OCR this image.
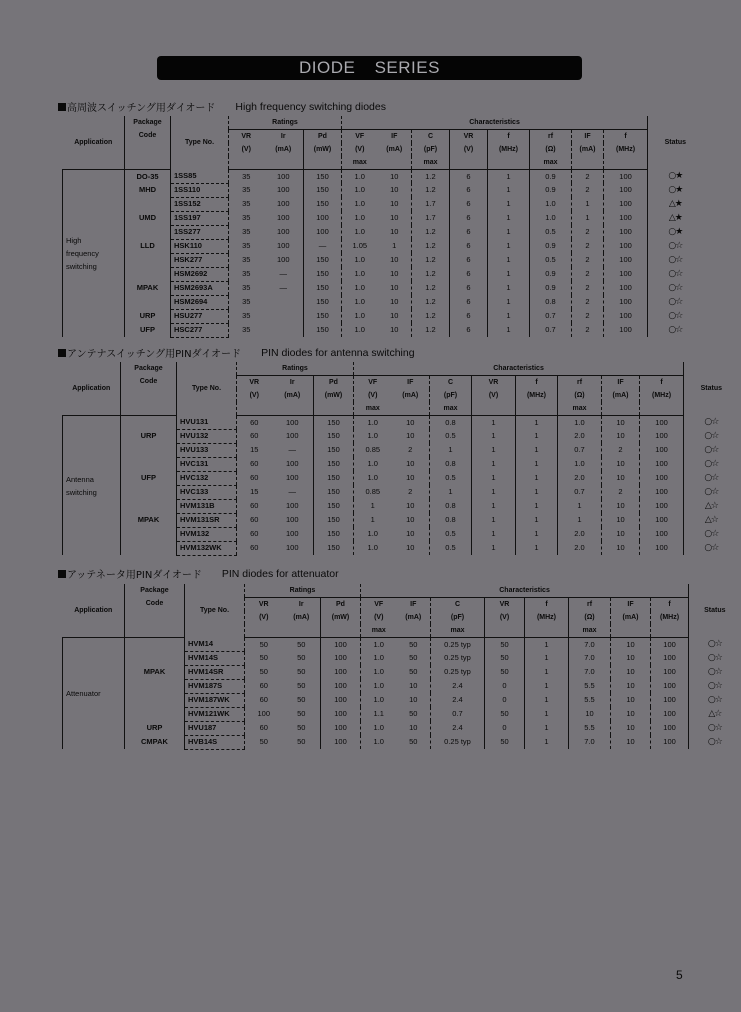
DIODE SERIES
高周波スイッチング用ダイオード High frequency switching diodes
Application	Package	Type No.	Ratings			Characteristics								Status
	Code		VR	Ir	Pd	VF	IF	C	VR	f	rf	IF	f	
			(V)	(mA)	(mW)	(V)	(mA)	(pF)	(V)	(MHz)	(Ω)	(mA)	(MHz)	
						max		max			max			

High
frequency
switching	DO-35	1SS85	35	100	150	1.0	10	1.2	6	1	0.9	2	100	○★
	MHD	1SS110	35	100	150	1.0	10	1.2	6	1	0.9	2	100	○★
		1SS152	35	100	150	1.0	10	1.7	6	1	1.0	1	100	△★
	UMD	1SS197	35	100	100	1.0	10	1.7	6	1	1.0	1	100	△★
		1SS277	35	100	100	1.0	10	1.2	6	1	0.5	2	100	○★
	LLD	HSK110	35	100	—	1.05	1	1.2	6	1	0.9	2	100	○☆
		HSK277	35	100	150	1.0	10	1.2	6	1	0.5	2	100	○☆
		HSM2692	35	—	150	1.0	10	1.2	6	1	0.9	2	100	○☆
	MPAK	HSM2693A	35	—	150	1.0	10	1.2	6	1	0.9	2	100	○☆
		HSM2694	35		150	1.0	10	1.2	6	1	0.8	2	100	○☆
	URP	HSU277	35		150	1.0	10	1.2	6	1	0.7	2	100	○☆
	UFP	HSC277	35		150	1.0	10	1.2	6	1	0.7	2	100	○☆
アンテナスイッチング用PINダイオード PIN diodes for antenna switching
Application	Package	Type No.	Ratings			Characteristics								Status
	Code		VR	Ir	Pd	VF	IF	C	VR	f	rf	IF	f	
			(V)	(mA)	(mW)	(V)	(mA)	(pF)	(V)	(MHz)	(Ω)	(mA)	(MHz)	
						max		max			max			

Antenna
switching		HVU131	60	100	150	1.0	10	0.8	1	1	1.0	10	100	○☆
	URP	HVU132	60	100	150	1.0	10	0.5	1	1	2.0	10	100	○☆
		HVU133	15	—	150	0.85	2	1	1	1	0.7	2	100	○☆
		HVC131	60	100	150	1.0	10	0.8	1	1	1.0	10	100	○☆
	UFP	HVC132	60	100	150	1.0	10	0.5	1	1	2.0	10	100	○☆
		HVC133	15	—	150	0.85	2	1	1	1	0.7	2	100	○☆
		HVM131B	60	100	150	1	10	0.8	1	1	1	10	100	△☆
	MPAK	HVM131SR	60	100	150	1	10	0.8	1	1	1	10	100	△☆
		HVM132	60	100	150	1.0	10	0.5	1	1	2.0	10	100	○☆
		HVM132WK	60	100	150	1.0	10	0.5	1	1	2.0	10	100	○☆
アッテネータ用PINダイオード PIN diodes for attenuator
Application	Package	Type No.	Ratings			Characteristics								Status
	Code		VR	Ir	Pd	VF	IF	C	VR	f	rf	IF	f	
			(V)	(mA)	(mW)	(V)	(mA)	(pF)	(V)	(MHz)	(Ω)	(mA)	(MHz)	
						max		max			max			

Attenuator		HVM14	50	50	100	1.0	50	0.25 typ	50	1	7.0	10	100	○☆
		HVM14S	50	50	100	1.0	50	0.25 typ	50	1	7.0	10	100	○☆
	MPAK	HVM14SR	50	50	100	1.0	50	0.25 typ	50	1	7.0	10	100	○☆
		HVM187S	60	50	100	1.0	10	2.4	0	1	5.5	10	100	○☆
		HVM187WK	60	50	100	1.0	10	2.4	0	1	5.5	10	100	○☆
		HVM121WK	100	50	100	1.1	50	0.7	50	1	10	10	100	△☆
	URP	HVU187	60	50	100	1.0	10	2.4	0	1	5.5	10	100	○☆
	CMPAK	HVB14S	50	50	100	1.0	50	0.25 typ	50	1	7.0	10	100	○☆
5
